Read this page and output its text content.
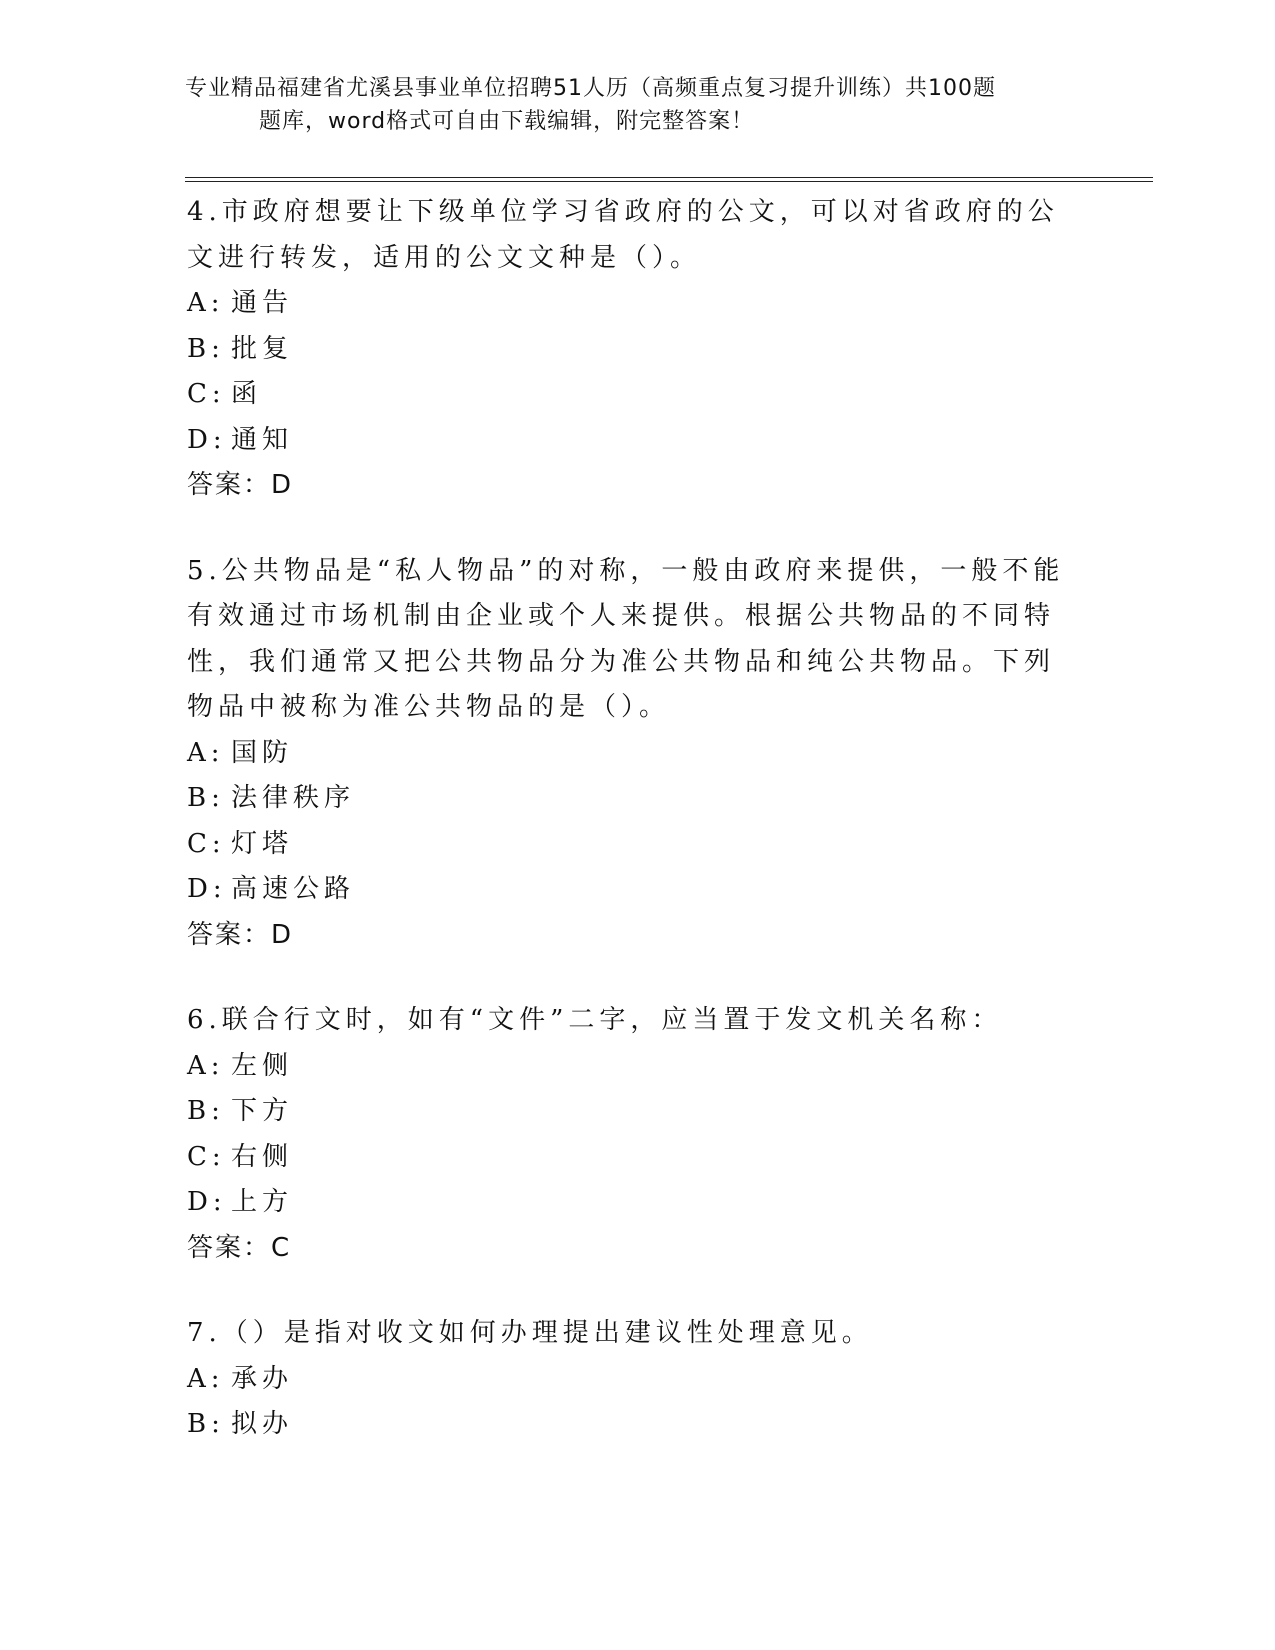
专业精品福建省尤溪县事业单位招聘51人历（高频重点复习提升训练）共100题
题库，word格式可自由下载编辑，附完整答案！

4.市政府想要让下级单位学习省政府的公文，可以对省政府的公文进行转发，适用的公文文种是（）。

A: 通告

B: 批复

C: 函

D: 通知

答案：D

5.公共物品是“私人物品”的对称，一般由政府来提供，一般不能有效通过市场机制由企业或个人来提供。根据公共物品的不同特性，我们通常又把公共物品分为准公共物品和纯公共物品。下列物品中被称为准公共物品的是（）。

A: 国防

B: 法律秩序

C: 灯塔

D: 高速公路

答案：D

6.联合行文时，如有“文件”二字，应当置于发文机关名称：

A: 左侧

B: 下方

C: 右侧

D: 上方

答案：C

7.（）是指对收文如何办理提出建议性处理意见。

A: 承办

B: 拟办
